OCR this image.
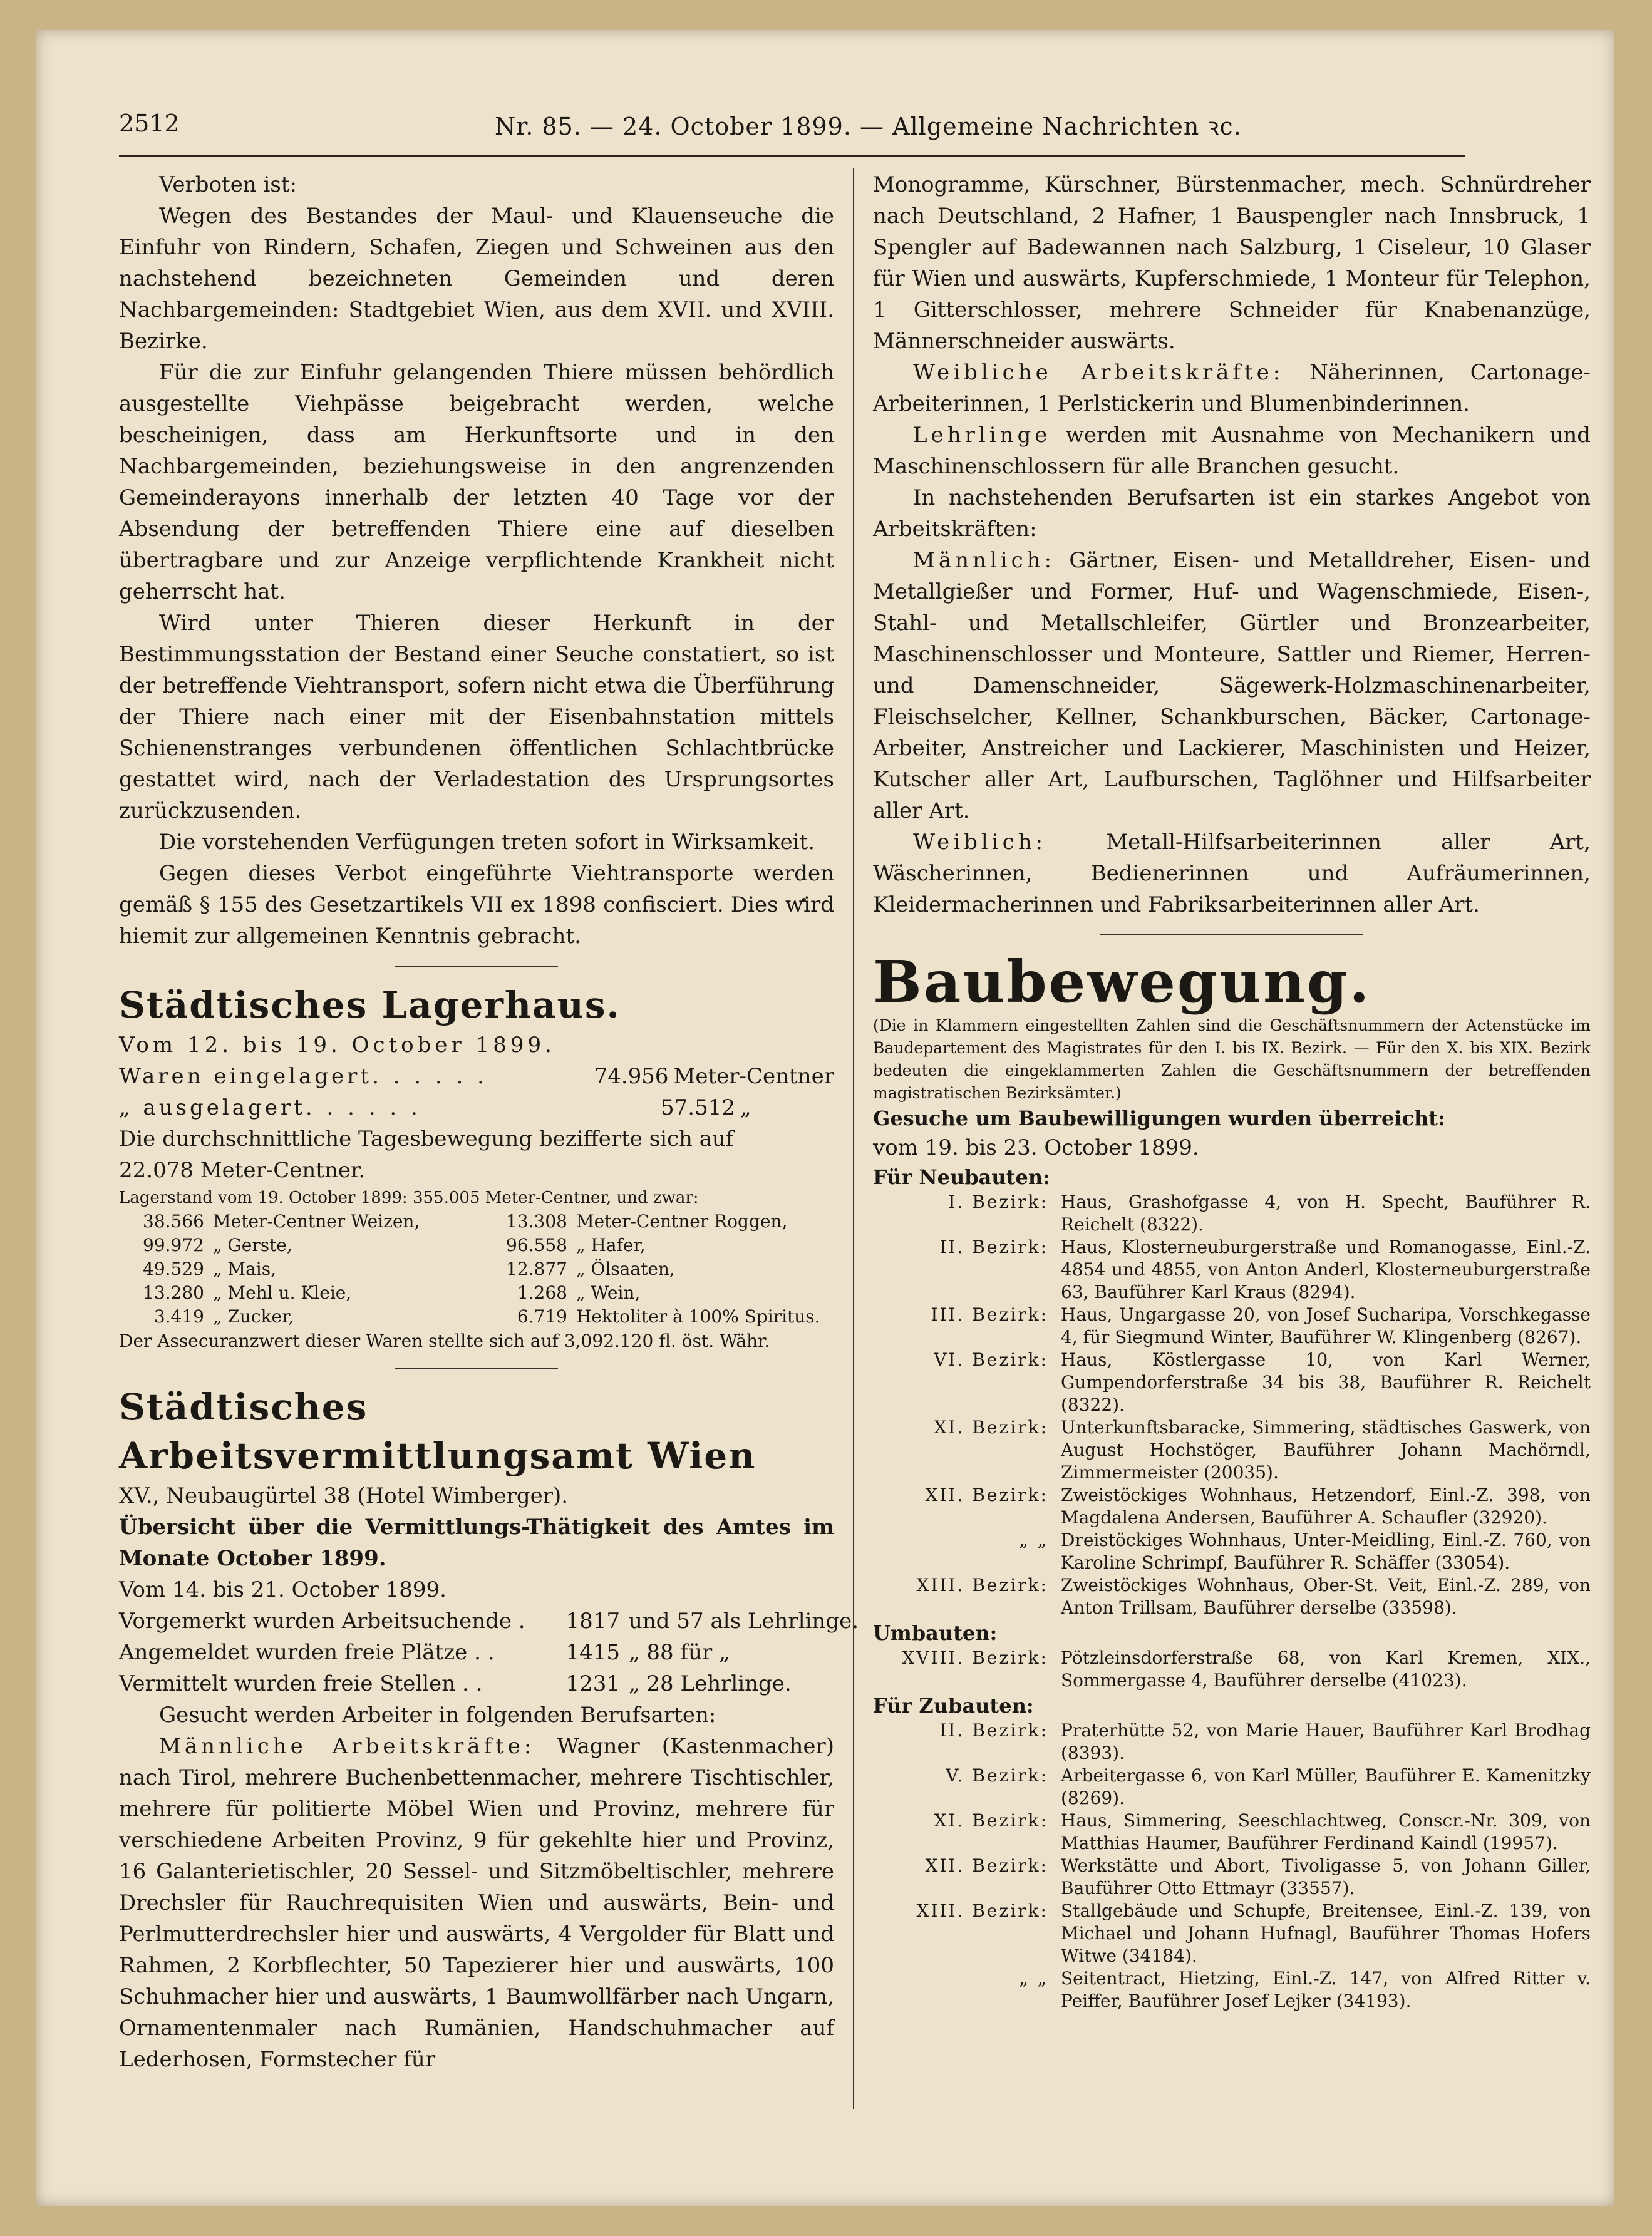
2512	Nr. 85. — 24. October 1899. — Allgemeine Nachrichten ꝛc.

Verboten ist:

Wegen des Bestandes der Maul- und Klauenseuche die Einfuhr von Rindern, Schafen, Ziegen und Schweinen aus den nachstehend bezeichneten Gemeinden und deren Nachbargemeinden: Stadtgebiet Wien, aus dem XVII. und XVIII. Bezirke.

Für die zur Einfuhr gelangenden Thiere müssen behördlich ausgestellte Viehpässe beigebracht werden, welche bescheinigen, dass am Herkunftsorte und in den Nachbargemeinden, beziehungsweise in den angrenzenden Gemeinderayons innerhalb der letzten 40 Tage vor der Absendung der betreffenden Thiere eine auf dieselben übertragbare und zur Anzeige verpflichtende Krankheit nicht geherrscht hat.

Wird unter Thieren dieser Herkunft in der Bestimmungsstation der Bestand einer Seuche constatiert, so ist der betreffende Viehtransport, sofern nicht etwa die Überführung der Thiere nach einer mit der Eisenbahnstation mittels Schienenstranges verbundenen öffentlichen Schlachtbrücke gestattet wird, nach der Verladestation des Ursprungsortes zurückzusenden.

Die vorstehenden Verfügungen treten sofort in Wirksamkeit.

Gegen dieses Verbot eingeführte Viehtransporte werden gemäß § 155 des Gesetzartikels VII ex 1898 confisciert. Dies wird hiemit zur allgemeinen Kenntnis gebracht.

Städtisches Lagerhaus.

Vom 12. bis 19. October 1899.

Waren eingelagert . . . . . .	74.956 Meter-Centner
„ ausgelagert . . . . . .	57.512 „

Die durchschnittliche Tagesbewegung bezifferte sich auf

22.078 Meter-Centner.

Lagerstand vom 19. October 1899: 355.005 Meter-Centner, und zwar:

38.566 Meter-Centner Weizen,	13.308 Meter-Centner Roggen,
99.972 „ Gerste,	96.558 „ Hafer,
49.529 „ Mais,	12.877 „ Ölsaaten,
13.280 „ Mehl u. Kleie,	1.268 „ Wein,
3.419 „ Zucker,	6.719 Hektoliter à 100% Spiritus.

Der Assecuranzwert dieser Waren stellte sich auf 3,092.120 fl. öst. Währ.

Städtisches Arbeitsvermittlungsamt Wien

XV., Neubaugürtel 38 (Hotel Wimberger).

Übersicht über die Vermittlungs-Thätigkeit des Amtes im Monate October 1899.

Vom 14. bis 21. October 1899.

Vorgemerkt wurden Arbeitsuchende .	1817 und 57 als Lehrlinge.
Angemeldet wurden freie Plätze . .	1415 „ 88 für „
Vermittelt wurden freie Stellen . .	1231 „ 28 Lehrlinge.

Gesucht werden Arbeiter in folgenden Berufsarten:

Männliche Arbeitskräfte: Wagner (Kastenmacher) nach Tirol, mehrere Buchenbettenmacher, mehrere Tischtischler, mehrere für politierte Möbel Wien und Provinz, mehrere für verschiedene Arbeiten Provinz, 9 für gekehlte hier und Provinz, 16 Galanterietischler, 20 Sessel- und Sitzmöbeltischler, mehrere Drechsler für Rauchrequisiten Wien und auswärts, Bein- und Perlmutterdrechsler hier und auswärts, 4 Vergolder für Blatt und Rahmen, 2 Korbflechter, 50 Tapezierer hier und auswärts, 100 Schuhmacher hier und auswärts, 1 Baumwollfärber nach Ungarn, Ornamentenmaler nach Rumänien, Handschuhmacher auf Lederhosen, Formstecher für

Monogramme, Kürschner, Bürstenmacher, mech. Schnürdreher nach Deutschland, 2 Hafner, 1 Bauspengler nach Innsbruck, 1 Spengler auf Badewannen nach Salzburg, 1 Ciseleur, 10 Glaser für Wien und auswärts, Kupferschmiede, 1 Monteur für Telephon, 1 Gitterschlosser, mehrere Schneider für Knabenanzüge, Männerschneider auswärts.

Weibliche Arbeitskräfte: Näherinnen, Cartonage-Arbeiterinnen, 1 Perlstickerin und Blumenbinderinnen.

Lehrlinge werden mit Ausnahme von Mechanikern und Maschinenschlossern für alle Branchen gesucht.

In nachstehenden Berufsarten ist ein starkes Angebot von Arbeitskräften:

Männlich: Gärtner, Eisen- und Metalldreher, Eisen- und Metallgießer und Former, Huf- und Wagenschmiede, Eisen-, Stahl- und Metallschleifer, Gürtler und Bronzearbeiter, Maschinenschlosser und Monteure, Sattler und Riemer, Herren- und Damenschneider, Sägewerk-Holzmaschinenarbeiter, Fleischselcher, Kellner, Schankburschen, Bäcker, Cartonage-Arbeiter, Anstreicher und Lackierer, Maschinisten und Heizer, Kutscher aller Art, Laufburschen, Taglöhner und Hilfsarbeiter aller Art.

Weiblich:	Metall-Hilfsarbeiterinnen aller Art, Wäscherinnen, Bedienerinnen und Aufräumerinnen, Kleidermacherinnen und Fabriksarbeiterinnen aller Art.

Baubewegung.

(Die in Klammern eingestellten Zahlen sind die Geschäftsnummern der Actenstücke im Baudepartement des Magistrates für den I. bis IX. Bezirk. — Für den X. bis XIX. Bezirk bedeuten die eingeklammerten Zahlen die Geschäftsnummern der betreffenden magistratischen Bezirksämter.)

Gesuche um Baubewilligungen wurden überreicht:

vom 19. bis 23. October 1899.

Für Neubauten:

I. Bezirk: Haus, Grashofgasse 4, von H. Specht, Bauführer R. Reichelt (8322).
II. Bezirk: Haus, Klosterneuburgerstraße und Romanogasse, Einl.-Z. 4854 und 4855, von Anton Anderl, Klosterneuburgerstraße 63, Bauführer Karl Kraus (8294).
III. Bezirk: Haus, Ungargasse 20, von Josef Sucharipa, Vorschkegasse 4, für Siegmund Winter, Bauführer W. Klingenberg (8267).
VI. Bezirk: Haus, Köstlergasse 10, von Karl Werner, Gumpendorferstraße 34 bis 38, Bauführer R. Reichelt (8322).
XI. Bezirk: Unterkunftsbaracke, Simmering, städtisches Gaswerk, von August Hochstöger, Bauführer Johann Machörndl, Zimmermeister (20035).
XII. Bezirk: Zweistöckiges Wohnhaus, Hetzendorf, Einl.-Z. 398, von Magdalena Andersen, Bauführer A. Schaufler (32920).
„ „ Dreistöckiges Wohnhaus, Unter-Meidling, Einl.-Z. 760, von Karoline Schrimpf, Bauführer R. Schäffer (33054).
XIII. Bezirk: Zweistöckiges Wohnhaus, Ober-St. Veit, Einl.-Z. 289, von Anton Trillsam, Bauführer derselbe (33598).

Umbauten:

XVIII. Bezirk: Pötzleinsdorferstraße 68, von Karl Kremen, XIX., Sommergasse 4, Bauführer derselbe (41023).

Für Zubauten:

II. Bezirk: Praterhütte 52, von Marie Hauer, Bauführer Karl Brodhag (8393).
V. Bezirk: Arbeitergasse 6, von Karl Müller, Bauführer E. Kamenitzky (8269).
XI. Bezirk: Haus, Simmering, Seeschlachtweg, Conscr.-Nr. 309, von Matthias Haumer, Bauführer Ferdinand Kaindl (19957).
XII. Bezirk: Werkstätte und Abort, Tivoligasse 5, von Johann Giller, Bauführer Otto Ettmayr (33557).
XIII. Bezirk: Stallgebäude und Schupfe, Breitensee, Einl.-Z. 139, von Michael und Johann Hufnagl, Bauführer Thomas Hofers Witwe (34184).
„ „ Seitentract, Hietzing, Einl.-Z. 147, von Alfred Ritter v. Peiffer, Bauführer Josef Lejker (34193).
